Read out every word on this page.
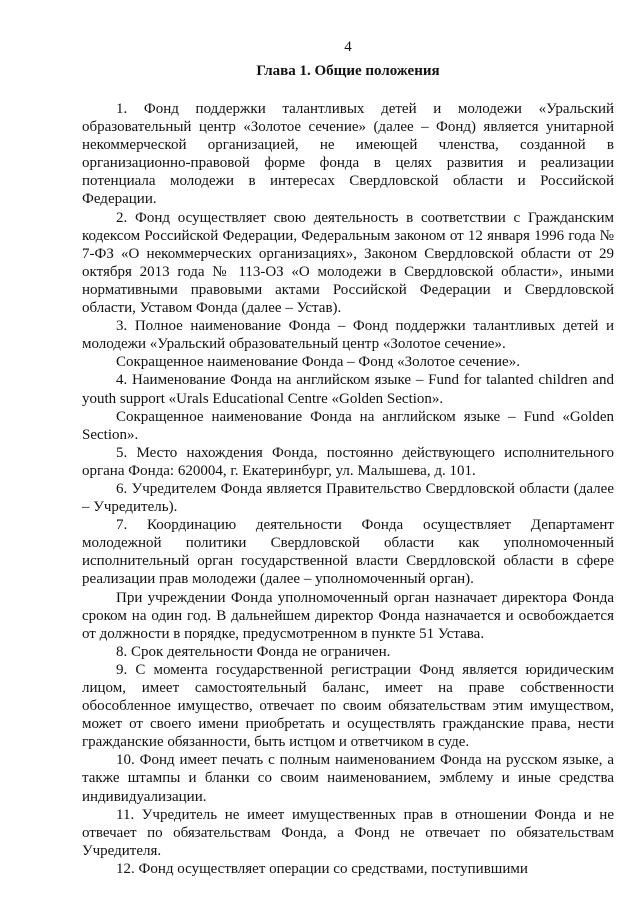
4
Глава 1. Общие положения

1. Фонд поддержки талантливых детей и молодежи «Уральский образовательный центр «Золотое сечение» (далее – Фонд) является унитарной некоммерческой организацией, не имеющей членства, созданной в организационно-правовой форме фонда в целях развития и реализации потенциала молодежи в интересах Свердловской области и Российской Федерации.

2. Фонд осуществляет свою деятельность в соответствии с Гражданским кодексом Российской Федерации, Федеральным законом от 12 января 1996 года № 7-ФЗ «О некоммерческих организациях», Законом Свердловской области от 29 октября 2013 года № 113-ОЗ «О молодежи в Свердловской области», иными нормативными правовыми актами Российской Федерации и Свердловской области, Уставом Фонда (далее – Устав).

3. Полное наименование Фонда – Фонд поддержки талантливых детей и молодежи «Уральский образовательный центр «Золотое сечение».

Сокращенное наименование Фонда – Фонд «Золотое сечение».

4. Наименование Фонда на английском языке – Fund for talanted children and youth support «Urals Educational Centre «Golden Section».

Сокращенное наименование Фонда на английском языке – Fund «Golden Section».

5. Место нахождения Фонда, постоянно действующего исполнительного органа Фонда: 620004, г. Екатеринбург, ул. Малышева, д. 101.

6. Учредителем Фонда является Правительство Свердловской области (далее – Учредитель).

7. Координацию деятельности Фонда осуществляет Департамент молодежной политики Свердловской области как уполномоченный исполнительный орган государственной власти Свердловской области в сфере реализации прав молодежи (далее – уполномоченный орган).

При учреждении Фонда уполномоченный орган назначает директора Фонда сроком на один год. В дальнейшем директор Фонда назначается и освобождается от должности в порядке, предусмотренном в пункте 51 Устава.

8. Срок деятельности Фонда не ограничен.

9. С момента государственной регистрации Фонд является юридическим лицом, имеет самостоятельный баланс, имеет на праве собственности обособленное имущество, отвечает по своим обязательствам этим имуществом, может от своего имени приобретать и осуществлять гражданские права, нести гражданские обязанности, быть истцом и ответчиком в суде.

10. Фонд имеет печать с полным наименованием Фонда на русском языке, а также штампы и бланки со своим наименованием, эмблему и иные средства индивидуализации.

11. Учредитель не имеет имущественных прав в отношении Фонда и не отвечает по обязательствам Фонда, а Фонд не отвечает по обязательствам Учредителя.

12. Фонд осуществляет операции со средствами, поступившими
